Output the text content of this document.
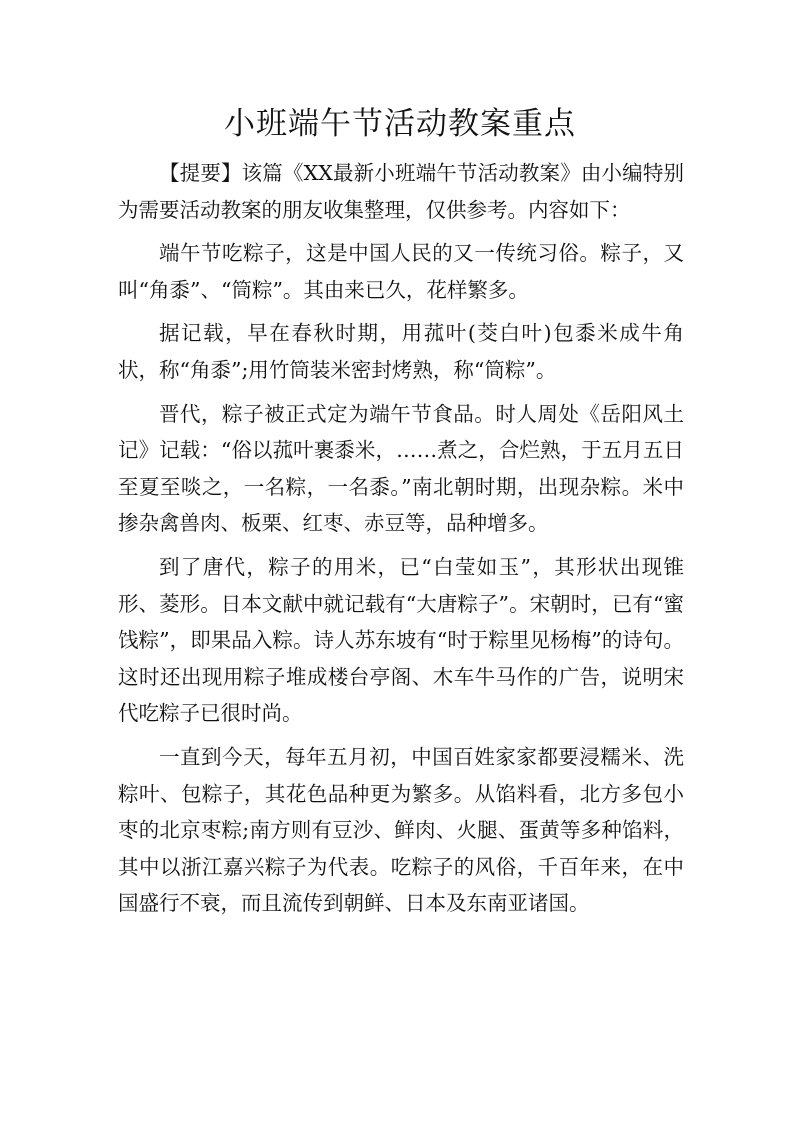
小班端午节活动教案重点

【提要】该篇《XX最新小班端午节活动教案》由小编特别为需要活动教案的朋友收集整理，仅供参考。内容如下：

端午节吃粽子，这是中国人民的又一传统习俗。粽子，又叫“角黍”、“筒粽”。其由来已久，花样繁多。

据记载，早在春秋时期，用菰叶(茭白叶)包黍米成牛角状，称“角黍”;用竹筒装米密封烤熟，称“筒粽”。

晋代，粽子被正式定为端午节食品。时人周处《岳阳风土记》记载：“俗以菰叶裹黍米，……煮之，合烂熟，于五月五日至夏至啖之，一名粽，一名黍。”南北朝时期，出现杂粽。米中掺杂禽兽肉、板栗、红枣、赤豆等，品种增多。

到了唐代，粽子的用米，已“白莹如玉”，其形状出现锥形、菱形。日本文献中就记载有“大唐粽子”。宋朝时，已有“蜜饯粽”，即果品入粽。诗人苏东坡有“时于粽里见杨梅”的诗句。这时还出现用粽子堆成楼台亭阁、木车牛马作的广告，说明宋代吃粽子已很时尚。

一直到今天，每年五月初，中国百姓家家都要浸糯米、洗粽叶、包粽子，其花色品种更为繁多。从馅料看，北方多包小枣的北京枣粽;南方则有豆沙、鲜肉、火腿、蛋黄等多种馅料，其中以浙江嘉兴粽子为代表。吃粽子的风俗，千百年来，在中国盛行不衰，而且流传到朝鲜、日本及东南亚诸国。
